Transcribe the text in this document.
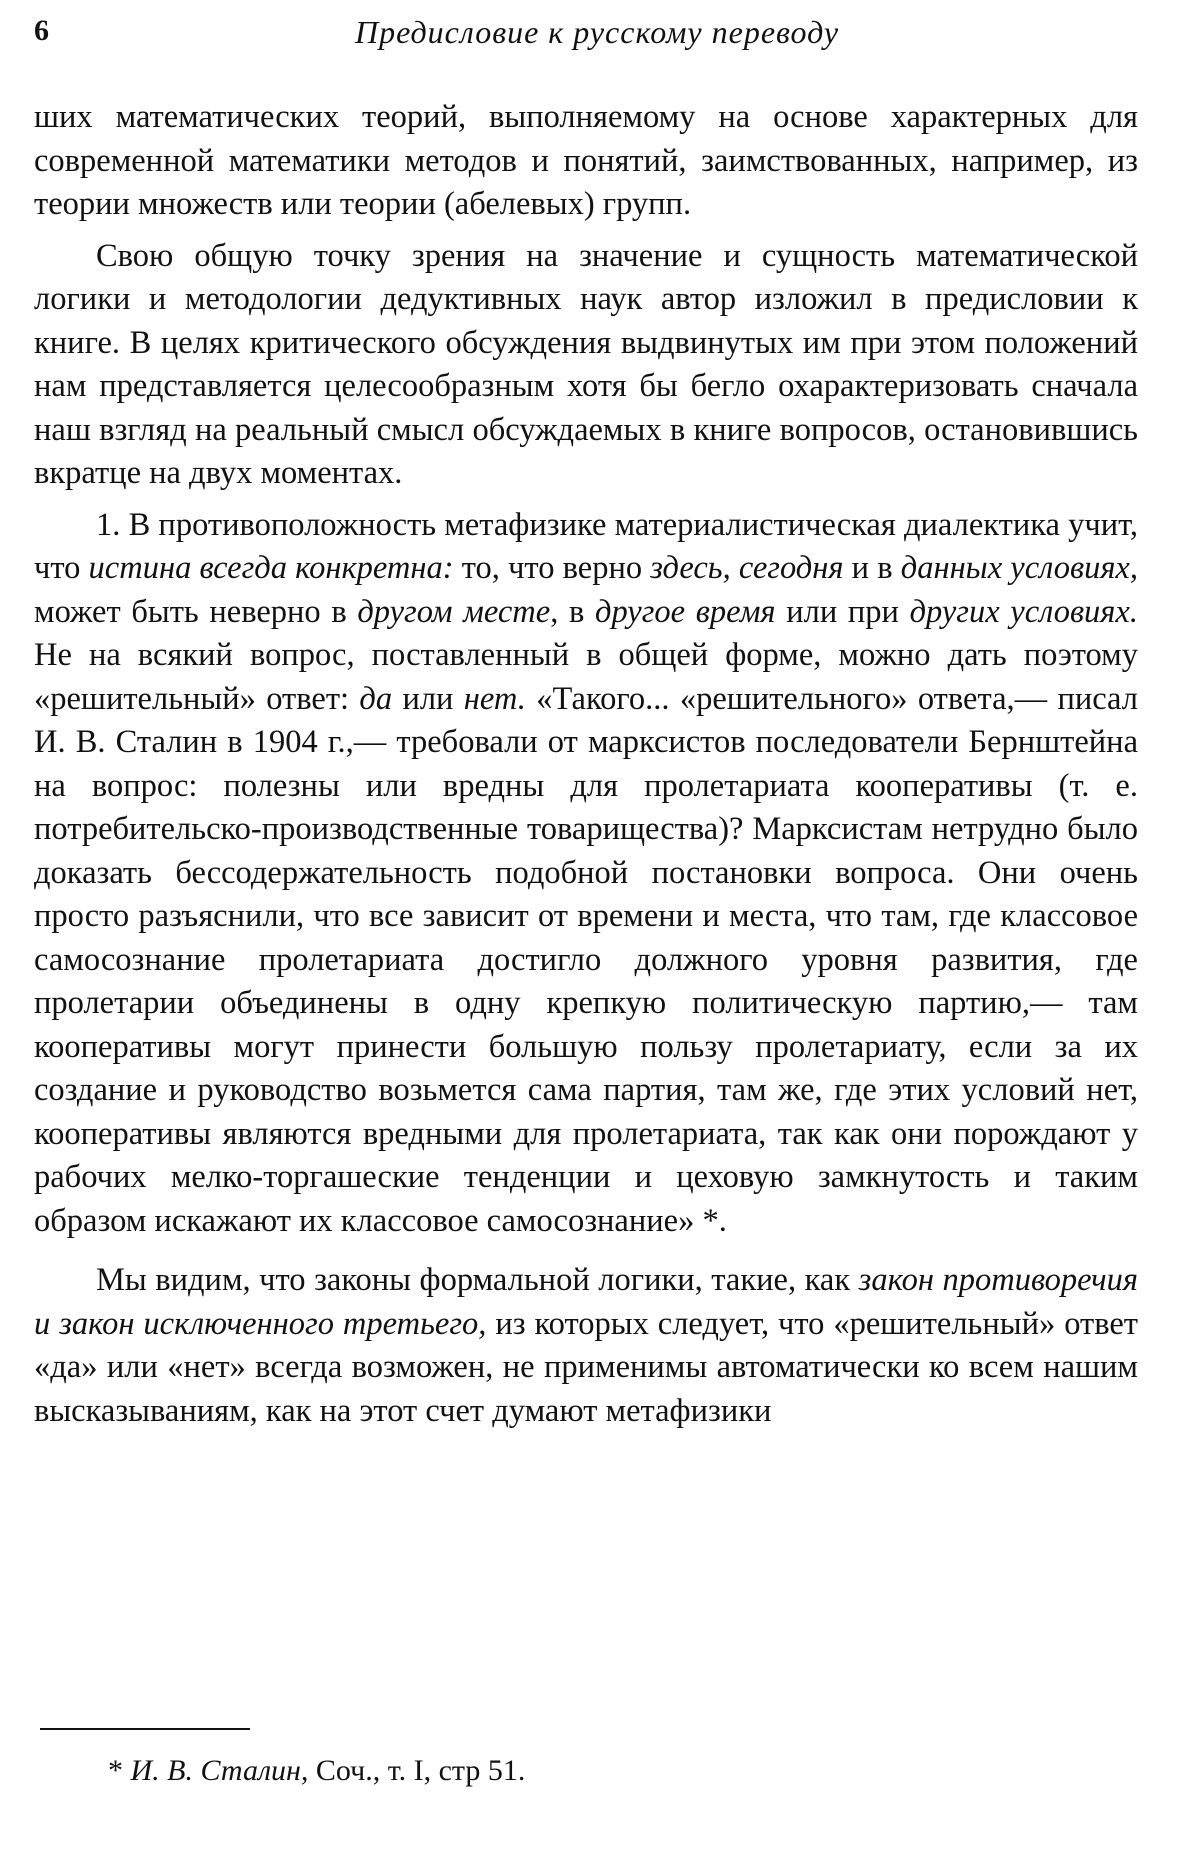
6	Предисловие к русскому переводу

ших математических теорий, выполняемому на основе характерных для современной математики методов и понятий, заимствованных, например, из теории множеств или теории (абелевых) групп.

Свою общую точку зрения на значение и сущность математической логики и методологии дедуктивных наук автор изложил в предисловии к книге. В целях критического обсуждения выдвинутых им при этом положений нам представляется целесообразным хотя бы бегло охарактеризовать сначала наш взгляд на реальный смысл обсуждаемых в книге вопросов, остановившись вкратце на двух моментах.

1. В противоположность метафизике материалистическая диалектика учит, что истина всегда конкретна: то, что верно здесь, сегодня и в данных условиях, может быть неверно в другом месте, в другое время или при других условиях. Не на всякий вопрос, поставленный в общей форме, можно дать поэтому «решительный» ответ: да или нет. «Такого... «решительного» ответа,— писал И. В. Сталин в 1904 г.,— требовали от марксистов последователи Бернштейна на вопрос: полезны или вредны для пролетариата кооперативы (т. е. потребительско-производственные товарищества)? Марксистам нетрудно было доказать бессодержательность подобной постановки вопроса. Они очень просто разъяснили, что все зависит от времени и места, что там, где классовое самосознание пролетариата достигло должного уровня развития, где пролетарии объединены в одну крепкую политическую партию,— там кооперативы могут принести большую пользу пролетариату, если за их создание и руководство возьмется сама партия, там же, где этих условий нет, кооперативы являются вредными для пролетариата, так как они порождают у рабочих мелко-торгашеские тенденции и цеховую замкнутость и таким образом искажают их классовое самосознание» *.

Мы видим, что законы формальной логики, такие, как закон противоречия и закон исключенного третьего, из которых следует, что «решительный» ответ «да» или «нет» всегда возможен, не применимы автоматически ко всем нашим высказываниям, как на этот счет думают метафизики

* И. В. Сталин, Соч., т. I, стр 51.
